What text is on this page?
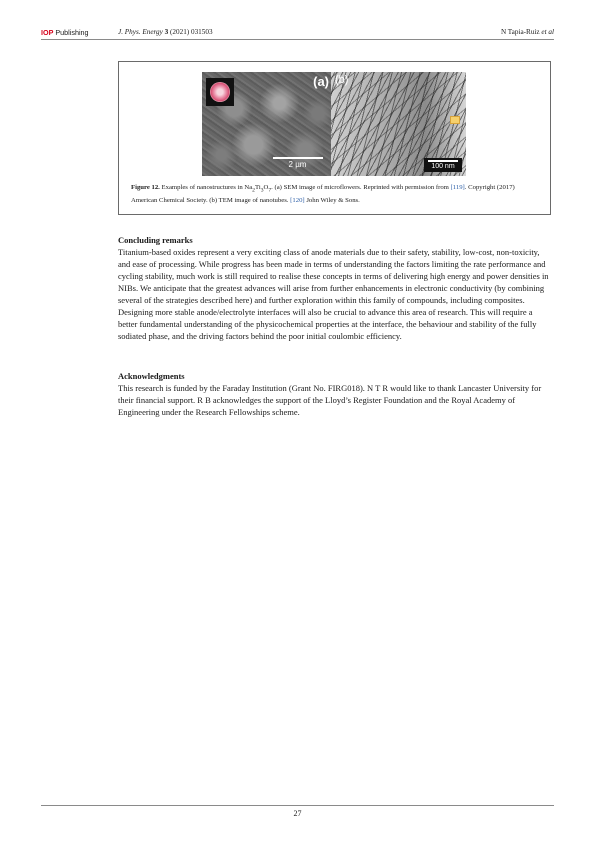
IOP Publishing	J. Phys. Energy 3 (2021) 031503	N Tapia-Ruiz et al
(a)
2 µm
(b)
100 nm
Figure 12. Examples of nanostructures in $Na_2Ti_3O_7$. (a) SEM image of microflowers. Reprinted with permission from [119]. Copyright (2017) American Chemical Society. (b) TEM image of nanotubes. [120] John Wiley & Sons.
Concluding remarks

Titanium-based oxides represent a very exciting class of anode materials due to their safety, stability, low-cost, non-toxicity, and ease of processing. While progress has been made in terms of understanding the factors limiting the rate performance and cycling stability, much work is still required to realise these concepts in terms of delivering high energy and power densities in NIBs. We anticipate that the greatest advances will arise from further enhancements in electronic conductivity (by combining several of the strategies described here) and further exploration within this family of compounds, including composites. Designing more stable anode/electrolyte interfaces will also be crucial to advance this area of research. This will require a better fundamental understanding of the physicochemical properties at the interface, the behaviour and stability of the fully sodiated phase, and the driving factors behind the poor initial coulombic efficiency.

Acknowledgments

This research is funded by the Faraday Institution (Grant No. FIRG018). N T R would like to thank Lancaster University for their financial support. R B acknowledges the support of the Lloyd’s Register Foundation and the Royal Academy of Engineering under the Research Fellowships scheme.

27
